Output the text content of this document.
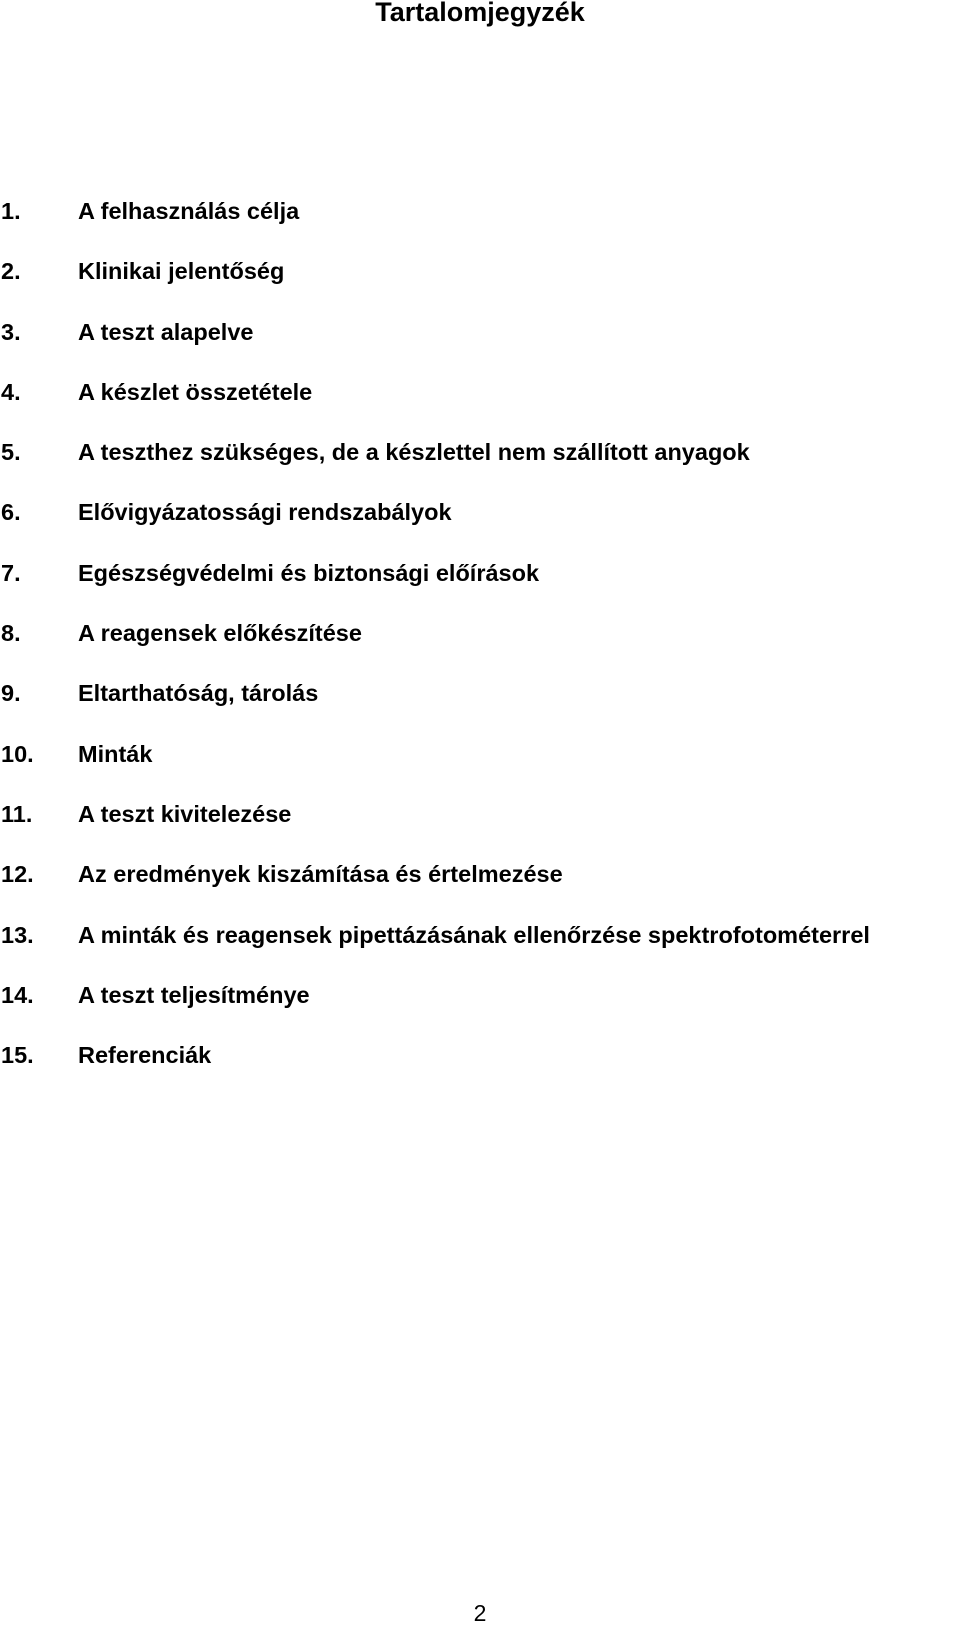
Tartalomjegyzék
1.	A felhasználás célja
2.	Klinikai jelentőség
3.	A teszt alapelve
4.	A készlet összetétele
5.	A teszthez szükséges, de a készlettel nem szállított anyagok
6.	Elővigyázatossági rendszabályok
7.	Egészségvédelmi és biztonsági előírások
8.	A reagensek előkészítése
9.	Eltarthatóság, tárolás
10.	Minták
11.	A teszt kivitelezése
12.	Az eredmények kiszámítása és értelmezése
13.	A minták és reagensek pipettázásának ellenőrzése spektrofotométerrel
14.	A teszt teljesítménye
15.	Referenciák
2
